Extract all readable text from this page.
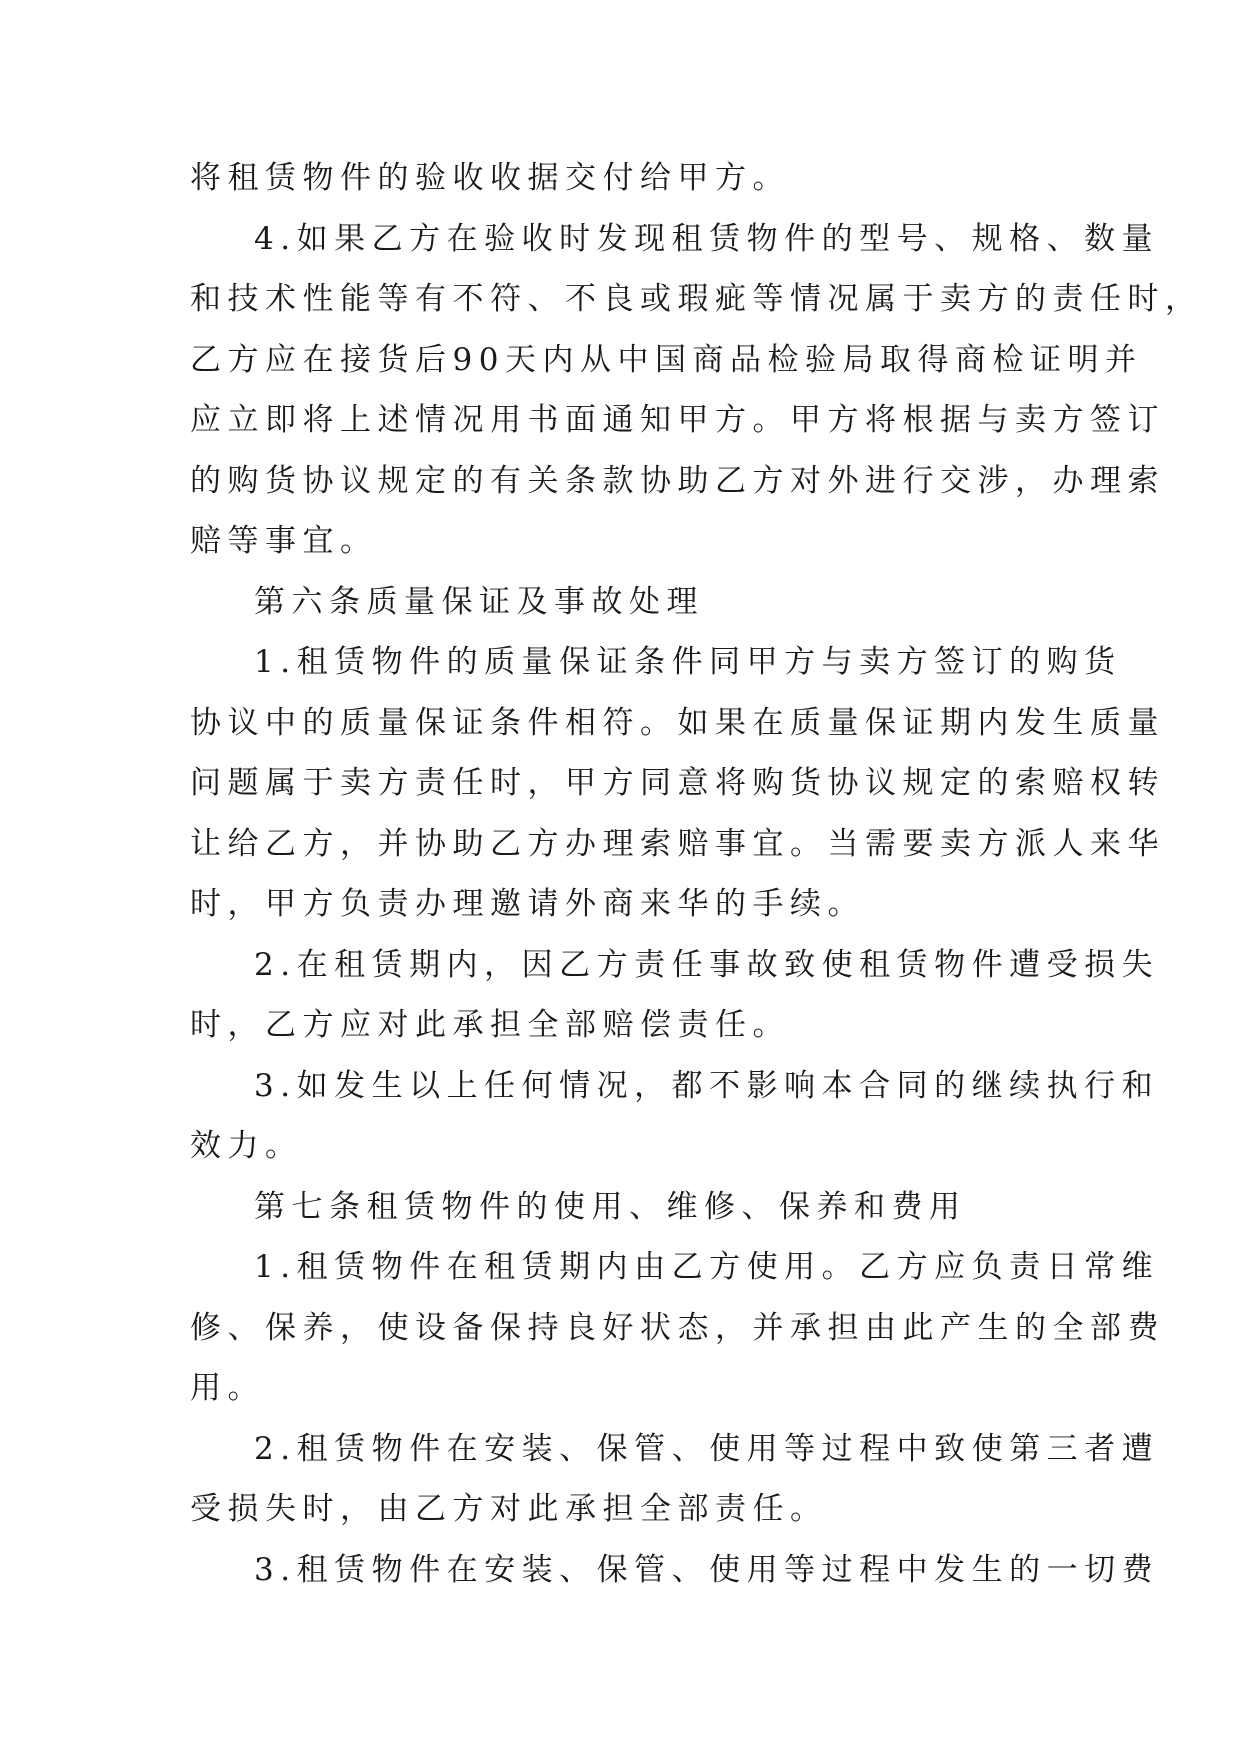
将租赁物件的验收收据交付给甲方。
4.如果乙方在验收时发现租赁物件的型号、规格、数量
和技术性能等有不符、不良或瑕疵等情况属于卖方的责任时，
乙方应在接货后90天内从中国商品检验局取得商检证明并
应立即将上述情况用书面通知甲方。甲方将根据与卖方签订
的购货协议规定的有关条款协助乙方对外进行交涉，办理索
赔等事宜。
第六条质量保证及事故处理
1.租赁物件的质量保证条件同甲方与卖方签订的购货
协议中的质量保证条件相符。如果在质量保证期内发生质量
问题属于卖方责任时，甲方同意将购货协议规定的索赔权转
让给乙方，并协助乙方办理索赔事宜。当需要卖方派人来华
时，甲方负责办理邀请外商来华的手续。
2.在租赁期内，因乙方责任事故致使租赁物件遭受损失
时，乙方应对此承担全部赔偿责任。
3.如发生以上任何情况，都不影响本合同的继续执行和
效力。
第七条租赁物件的使用、维修、保养和费用
1.租赁物件在租赁期内由乙方使用。乙方应负责日常维
修、保养，使设备保持良好状态，并承担由此产生的全部费
用。
2.租赁物件在安装、保管、使用等过程中致使第三者遭
受损失时，由乙方对此承担全部责任。
3.租赁物件在安装、保管、使用等过程中发生的一切费
